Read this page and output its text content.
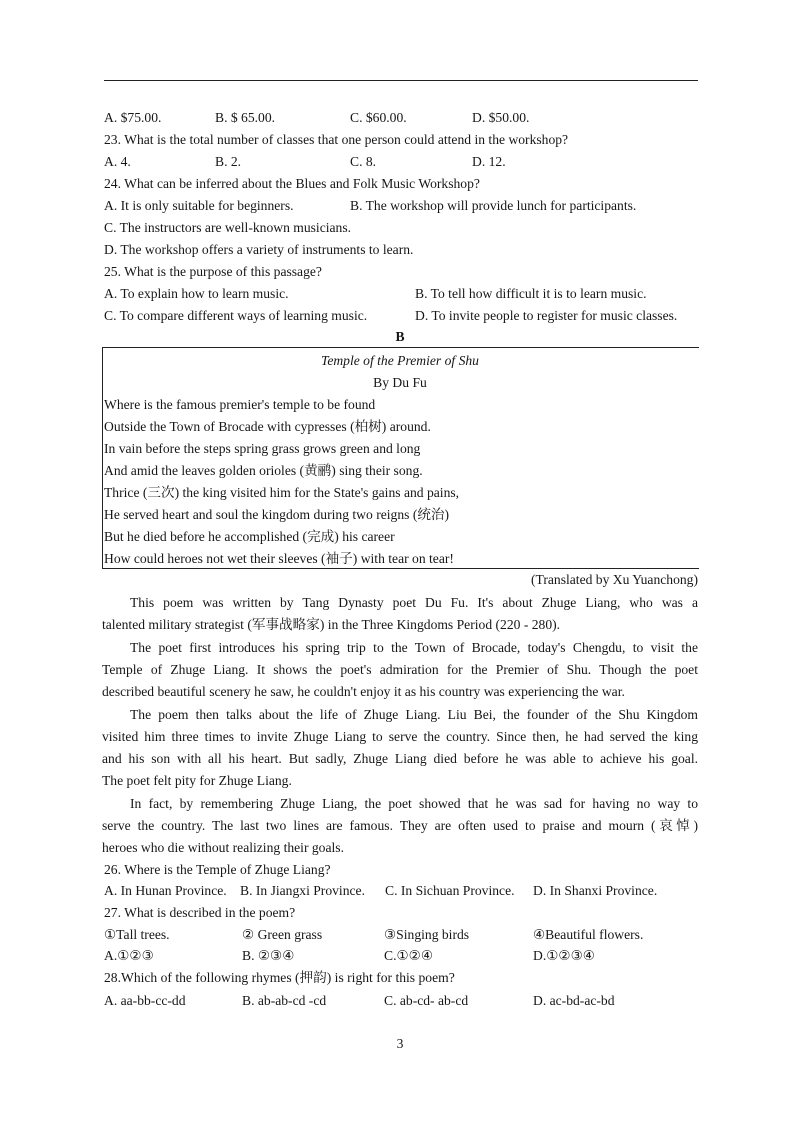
A. $75.00.	B. $ 65.00.	C. $60.00.	D. $50.00.
23. What is the total number of classes that one person could attend in the workshop?
A. 4.	B. 2.	C. 8.	D. 12.
24. What can be inferred about the Blues and Folk Music Workshop?
A. It is only suitable for beginners.	B. The workshop will provide lunch for participants.
C. The instructors are well-known musicians.
D. The workshop offers a variety of instruments to learn.
25. What is the purpose of this passage?
A. To explain how to learn music.	B. To tell how difficult it is to learn music.
C. To compare different ways of learning music.	D. To invite people to register for music classes.
B
Temple of the Premier of Shu
By Du Fu
Where is the famous premier's temple to be found
Outside the Town of Brocade with cypresses (柏树) around.
In vain before the steps spring grass grows green and long
And amid the leaves golden orioles (黄鹂) sing their song.
Thrice (三次) the king visited him for the State's gains and pains,
He served heart and soul the kingdom during two reigns (统治)
But he died before he accomplished (完成) his career
How could heroes not wet their sleeves (袖子) with tear on tear!
(Translated by Xu Yuanchong)
This poem was written by Tang Dynasty poet Du Fu. It's about Zhuge Liang, who was a
talented military strategist (军事战略家) in the Three Kingdoms Period (220 - 280).
The poet first introduces his spring trip to the Town of Brocade, today's Chengdu, to visit the
Temple of Zhuge Liang. It shows the poet's admiration for the Premier of Shu. Though the poet
described beautiful scenery he saw, he couldn't enjoy it as his country was experiencing the war.
The poem then talks about the life of Zhuge Liang. Liu Bei, the founder of the Shu Kingdom
visited him three times to invite Zhuge Liang to serve the country. Since then, he had served the king
and his son with all his heart. But sadly, Zhuge Liang died before he was able to achieve his goal.
The poet felt pity for Zhuge Liang.
In fact, by remembering Zhuge Liang, the poet showed that he was sad for having no way to
serve the country. The last two lines are famous. They are often used to praise and mourn (哀悼)
heroes who die without realizing their goals.
26. Where is the Temple of Zhuge Liang?
A. In Hunan Province. B. In Jiangxi Province. C. In Sichuan Province. D. In Shanxi Province.
27. What is described in the poem?
①Tall trees.	② Green grass	③Singing birds	④Beautiful flowers.
A.①②③	B. ②③④	C.①②④	D.①②③④
28.Which of the following rhymes (押韵) is right for this poem?
A. aa-bb-cc-dd	B. ab-ab-cd -cd	C. ab-cd- ab-cd	D. ac-bd-ac-bd
3
